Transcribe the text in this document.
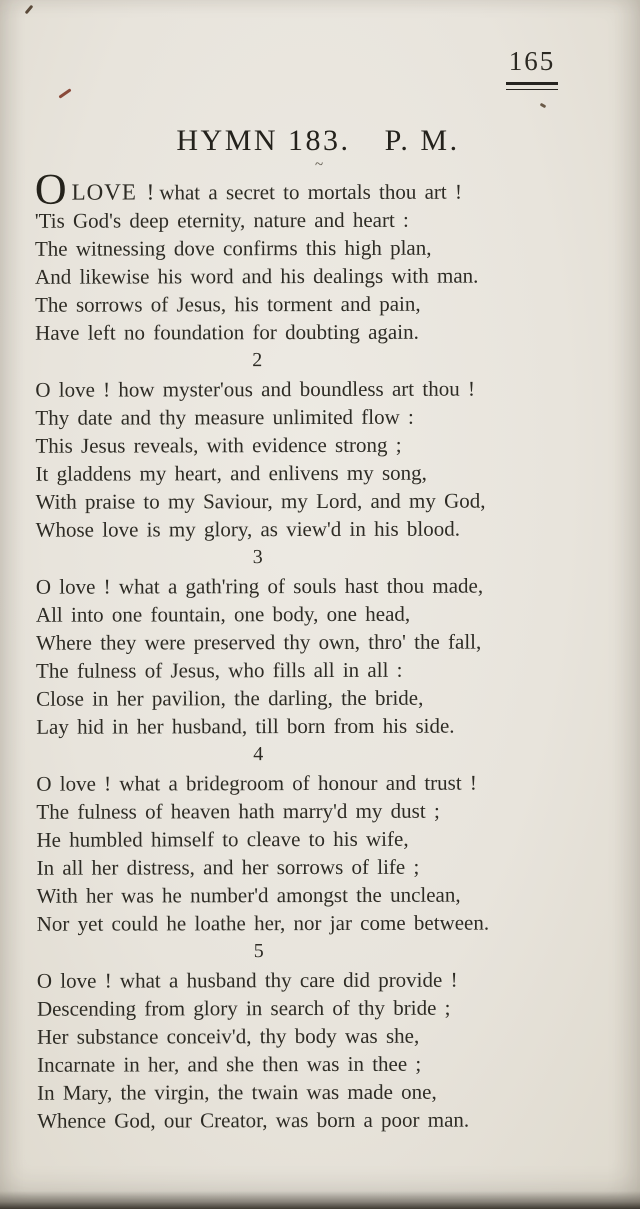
165
HYMN 183. P. M.
~
OLOVE ! what a secret to mortals thou art !
'Tis God's deep eternity, nature and heart :
The witnessing dove confirms this high plan,
And likewise his word and his dealings with man.
The sorrows of Jesus, his torment and pain,
Have left no foundation for doubting again.
2
O love ! how myster'ous and boundless art thou !
Thy date and thy measure unlimited flow :
This Jesus reveals, with evidence strong ;
It gladdens my heart, and enlivens my song,
With praise to my Saviour, my Lord, and my God,
Whose love is my glory, as view'd in his blood.
3
O love ! what a gath'ring of souls hast thou made,
All into one fountain, one body, one head,
Where they were preserved thy own, thro' the fall,
The fulness of Jesus, who fills all in all :
Close in her pavilion, the darling, the bride,
Lay hid in her husband, till born from his side.
4
O love ! what a bridegroom of honour and trust !
The fulness of heaven hath marry'd my dust ;
He humbled himself to cleave to his wife,
In all her distress, and her sorrows of life ;
With her was he number'd amongst the unclean,
Nor yet could he loathe her, nor jar come between.
5
O love ! what a husband thy care did provide !
Descending from glory in search of thy bride ;
Her substance conceiv'd, thy body was she,
Incarnate in her, and she then was in thee ;
In Mary, the virgin, the twain was made one,
Whence God, our Creator, was born a poor man.
